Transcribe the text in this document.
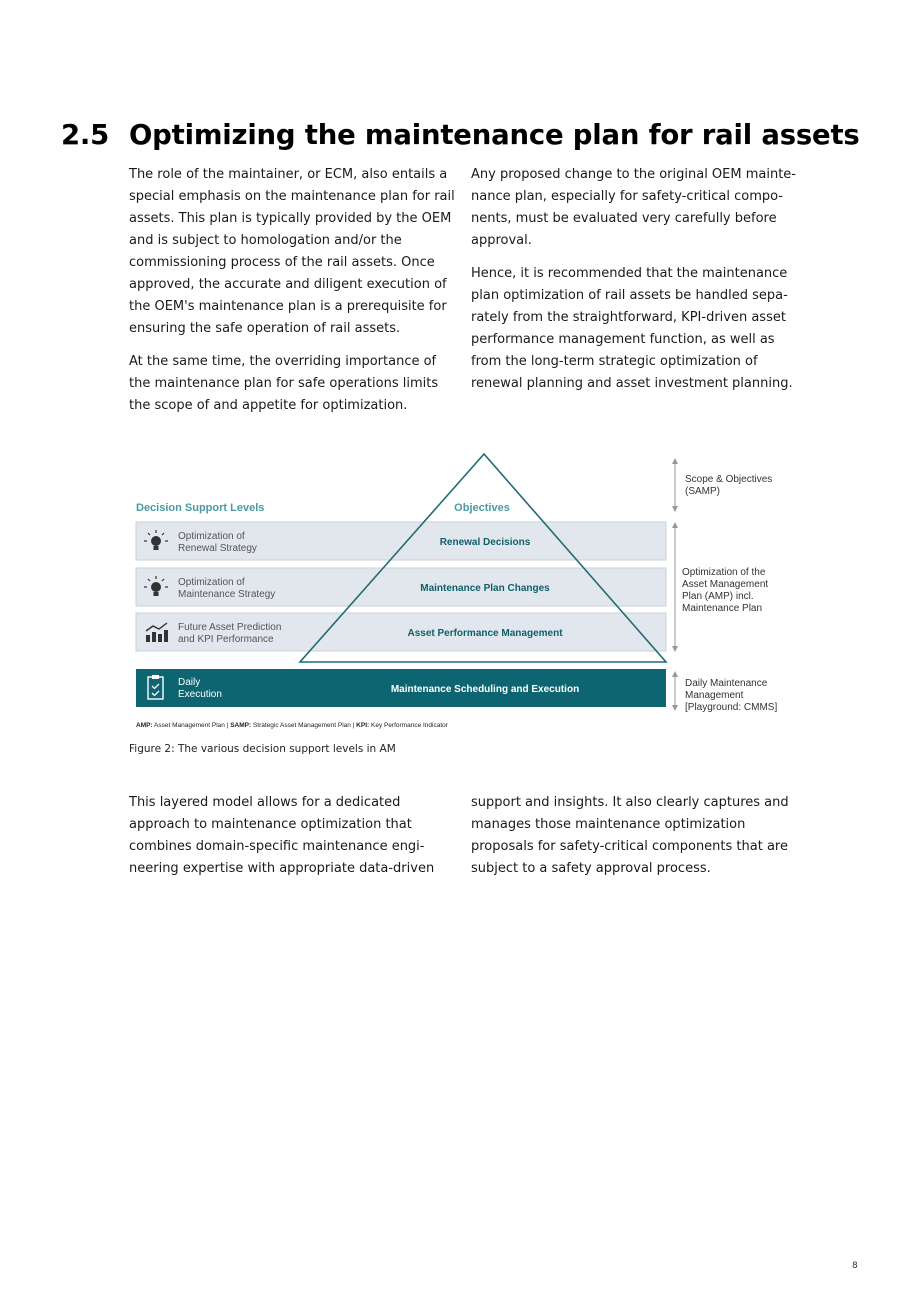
2.5 Optimizing the maintenance plan for rail assets

The role of the maintainer, or ECM, also entails a
special emphasis on the maintenance plan for rail
assets. This plan is typically provided by the OEM
and is subject to homologation and/or the
commissioning process of the rail assets. Once
approved, the accurate and diligent execution of
the OEM's maintenance plan is a prerequisite for
ensuring the safe operation of rail assets.

At the same time, the overriding importance of
the maintenance plan for safe operations limits
the scope of and appetite for optimization.

Any proposed change to the original OEM mainte-
nance plan, especially for safety-critical compo-
nents, must be evaluated very carefully before
approval.

Hence, it is recommended that the maintenance
plan optimization of rail assets be handled sepa-
rately from the straightforward, KPI-driven asset
performance management function, as well as
from the long-term strategic optimization of
renewal planning and asset investment planning.

Decision Support Levels	Objectives
Optimization of
Renewal Strategy
Renewal Decisions
Optimization of
Maintenance Strategy
Maintenance Plan Changes
Future Asset Prediction
and KPI Performance
Asset Performance Management
Daily
Execution	Maintenance Scheduling and Execution
Scope & Objectives
(SAMP)
Optimization of the
Asset Management
Plan (AMP) incl.
Maintenance Plan
Daily Maintenance
Management
[Playground: CMMS]
AMP: Asset Management Plan | SAMP: Strategic Asset Management Plan | KPI: Key Performance Indicator

Figure 2: The various decision support levels in AM

This layered model allows for a dedicated
approach to maintenance optimization that
combines domain-specific maintenance engi-
neering expertise with appropriate data-driven

support and insights. It also clearly captures and
manages those maintenance optimization
proposals for safety-critical components that are
subject to a safety approval process.

8
